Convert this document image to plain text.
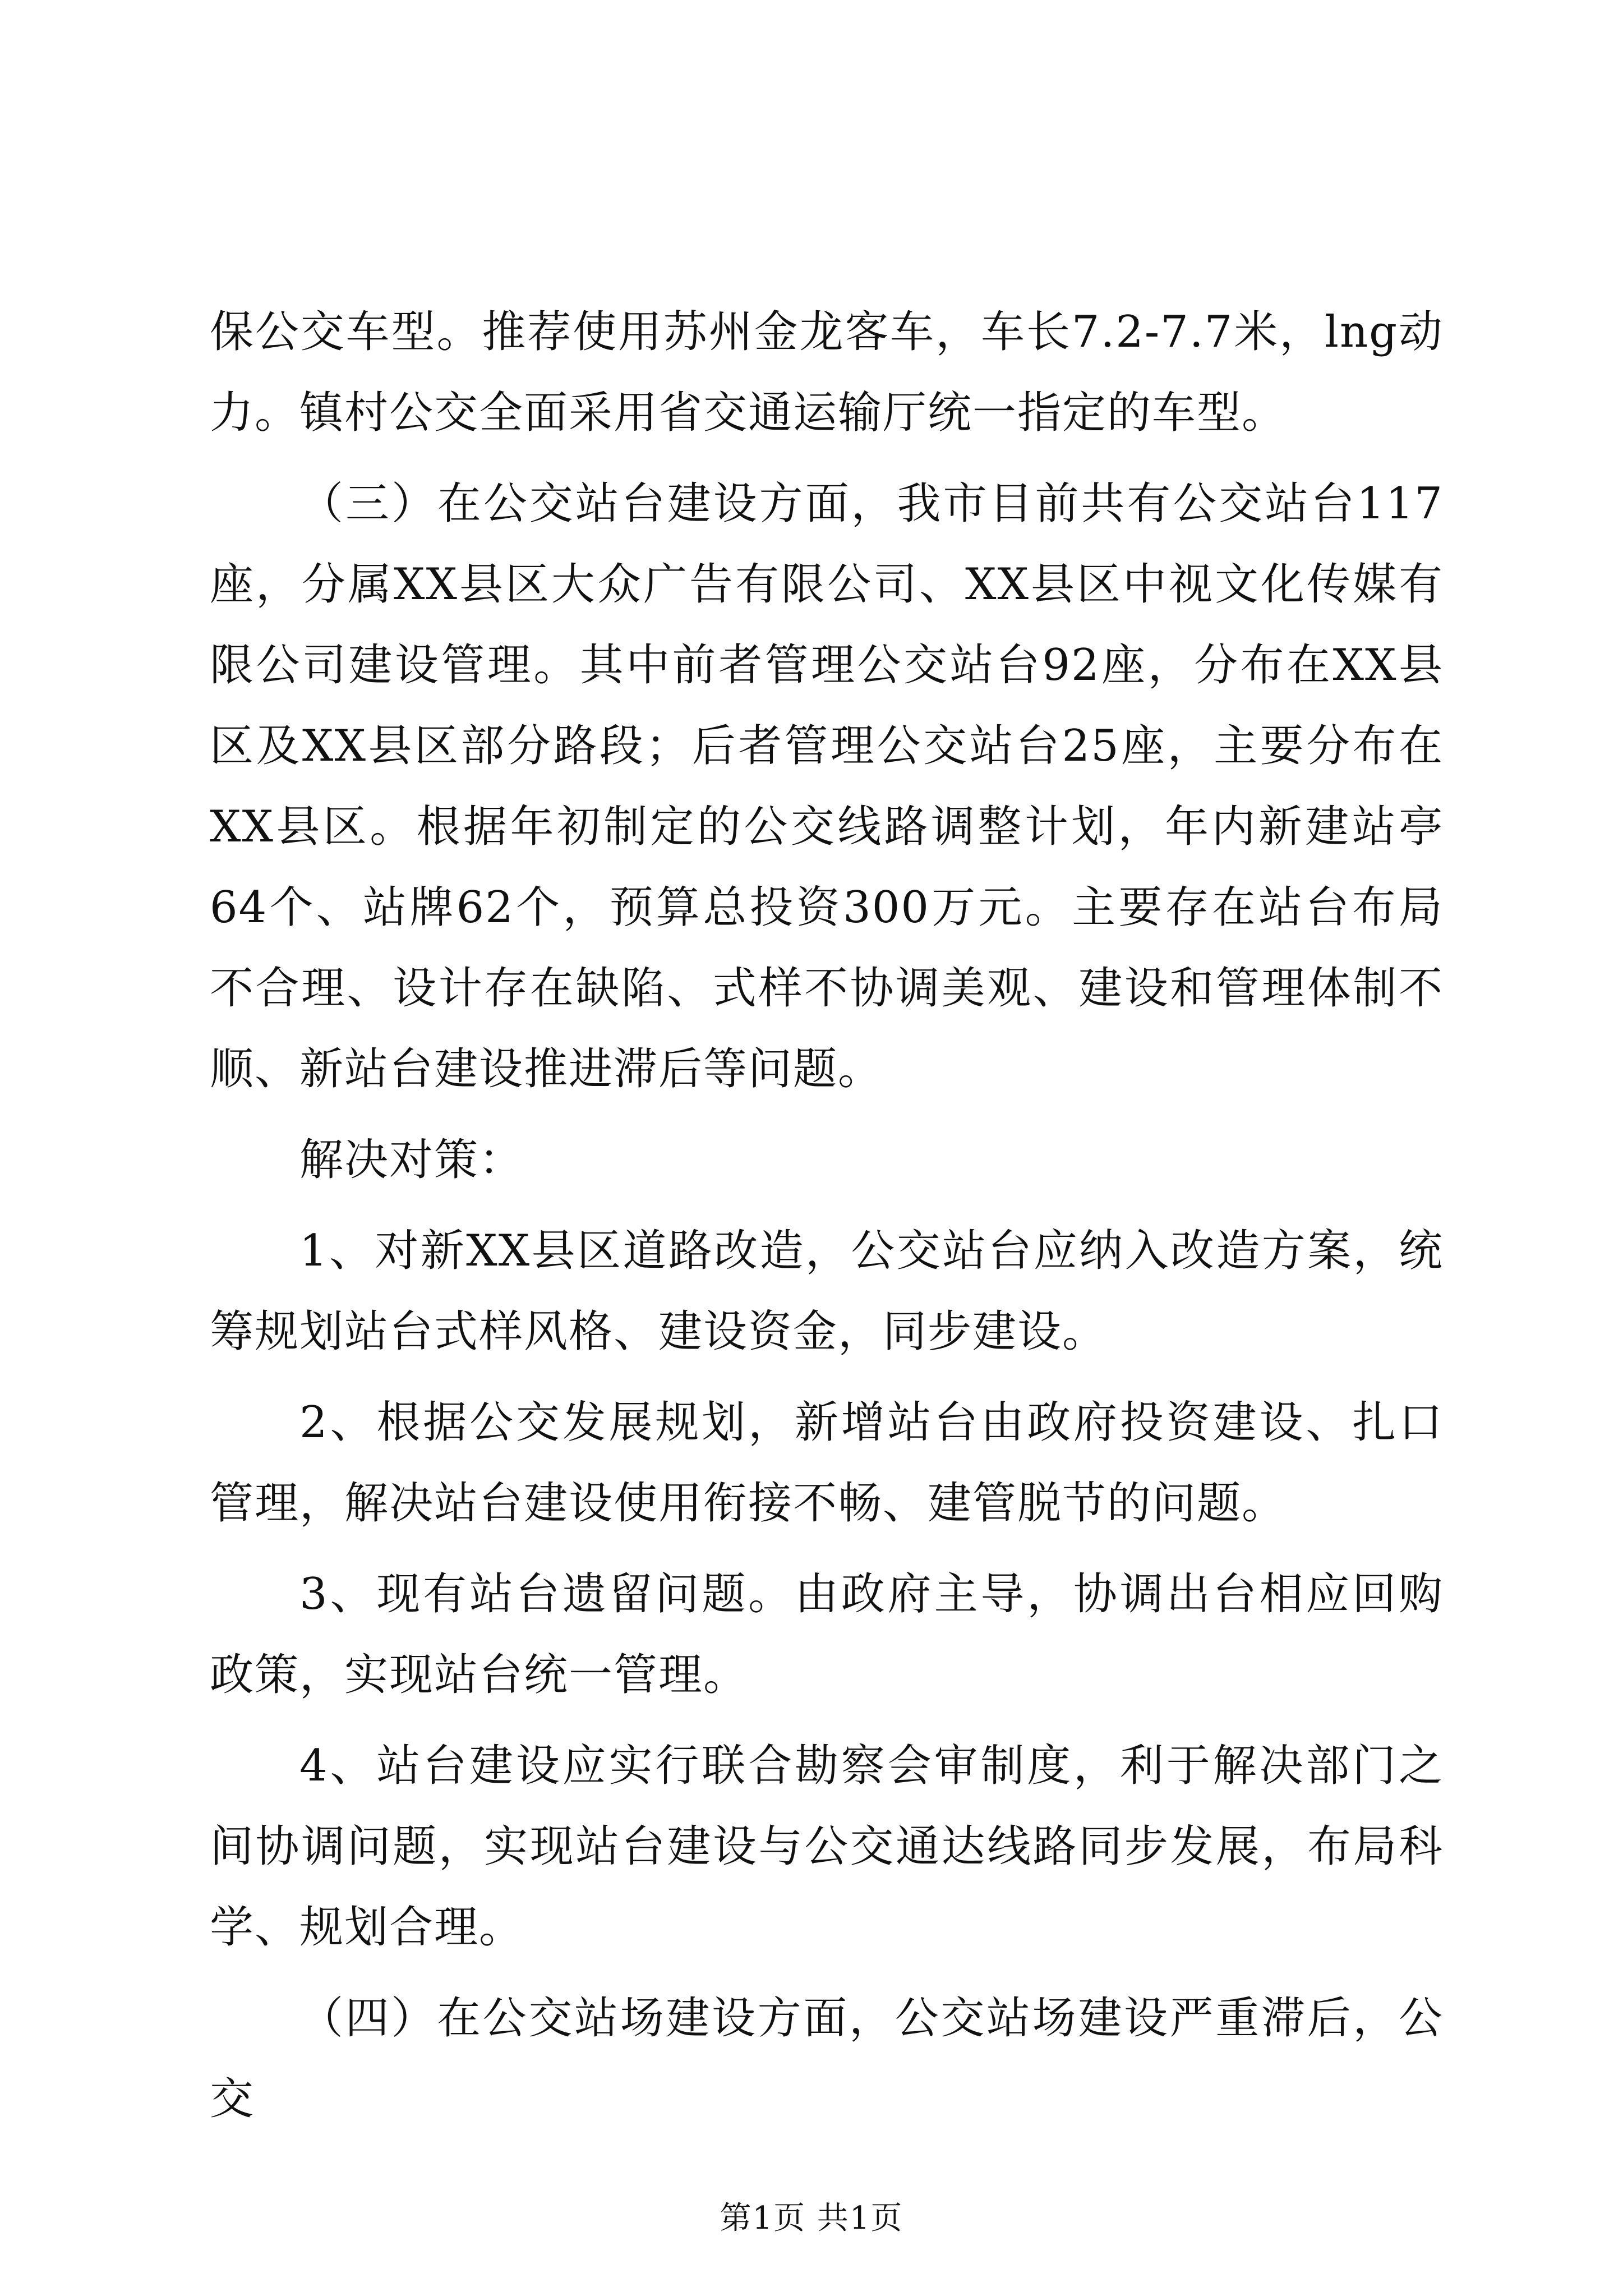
保公交车型。推荐使用苏州金龙客车，车长7.2-7.7米，lng动力。镇村公交全面采用省交通运输厅统一指定的车型。

（三）在公交站台建设方面，我市目前共有公交站台117座，分属XX县区大众广告有限公司、XX县区中视文化传媒有限公司建设管理。其中前者管理公交站台92座，分布在XX县区及XX县区部分路段；后者管理公交站台25座，主要分布在XX县区。根据年初制定的公交线路调整计划，年内新建站亭64个、站牌62个，预算总投资300万元。主要存在站台布局不合理、设计存在缺陷、式样不协调美观、建设和管理体制不顺、新站台建设推进滞后等问题。

解决对策：

1、对新XX县区道路改造，公交站台应纳入改造方案，统筹规划站台式样风格、建设资金，同步建设。

2、根据公交发展规划，新增站台由政府投资建设、扎口管理，解决站台建设使用衔接不畅、建管脱节的问题。

3、现有站台遗留问题。由政府主导，协调出台相应回购政策，实现站台统一管理。

4、站台建设应实行联合勘察会审制度，利于解决部门之间协调问题，实现站台建设与公交通达线路同步发展，布局科学、规划合理。

（四）在公交站场建设方面，公交站场建设严重滞后，公交

第1页 共1页
